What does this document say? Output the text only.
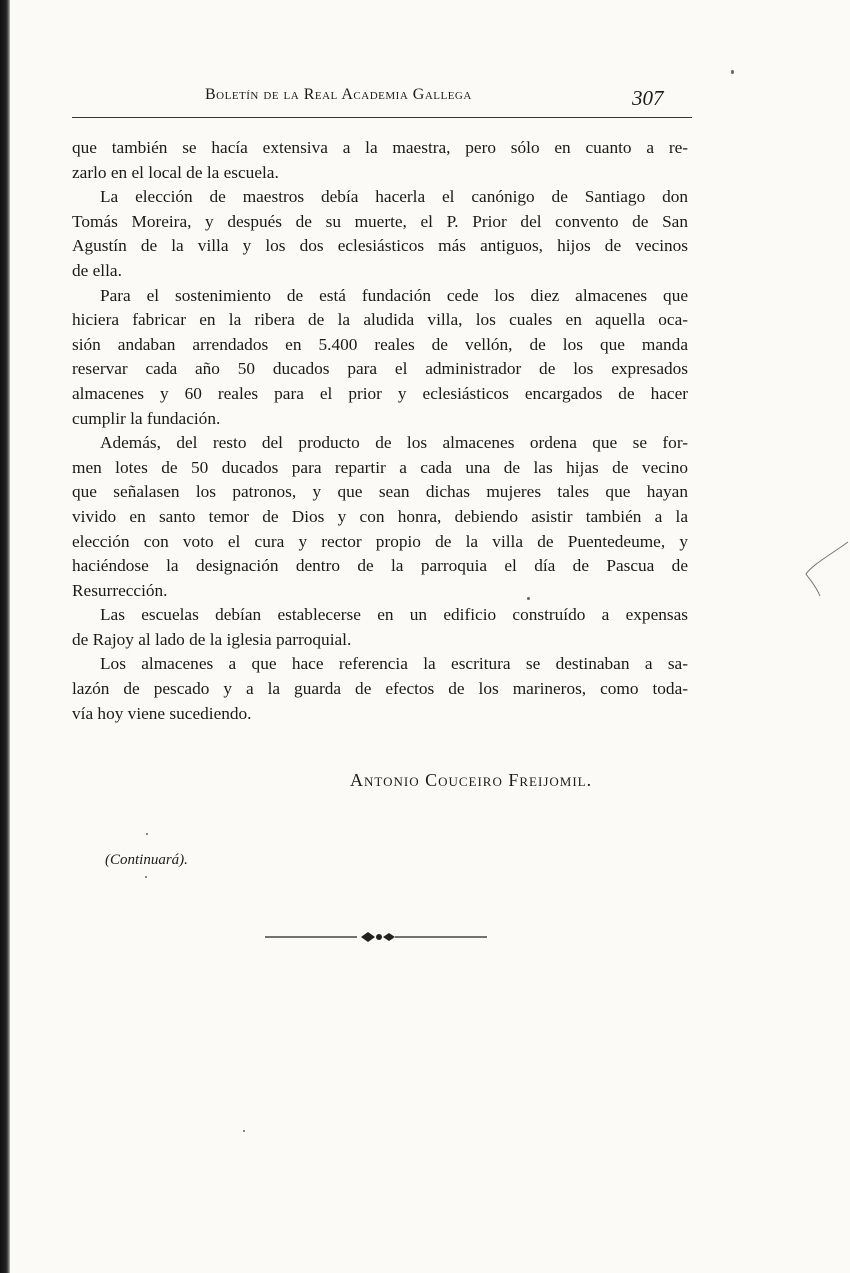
Boletín de la Real Academia Gallega	307
que también se hacía extensiva a la maestra, pero sólo en cuanto a re-
zarlo en el local de la escuela.
La elección de maestros debía hacerla el canónigo de Santiago don
Tomás Moreira, y después de su muerte, el P. Prior del convento de San
Agustín de la villa y los dos eclesiásticos más antiguos, hijos de vecinos
de ella.
Para el sostenimiento de está fundación cede los diez almacenes que
hiciera fabricar en la ribera de la aludida villa, los cuales en aquella oca-
sión andaban arrendados en 5.400 reales de vellón, de los que manda
reservar cada año 50 ducados para el administrador de los expresados
almacenes y 60 reales para el prior y eclesiásticos encargados de hacer
cumplir la fundación.
Además, del resto del producto de los almacenes ordena que se for-
men lotes de 50 ducados para repartir a cada una de las hijas de vecino
que señalasen los patronos, y que sean dichas mujeres tales que hayan
vivido en santo temor de Dios y con honra, debiendo asistir también a la
elección con voto el cura y rector propio de la villa de Puentedeume, y
haciéndose la designación dentro de la parroquia el día de Pascua de
Resurrección.
Las escuelas debían establecerse en un edificio construído a expensas
de Rajoy al lado de la iglesia parroquial.
Los almacenes a que hace referencia la escritura se destinaban a sa-
lazón de pescado y a la guarda de efectos de los marineros, como toda-
vía hoy viene sucediendo.
Antonio Couceiro Freijomil.
(Continuará).
